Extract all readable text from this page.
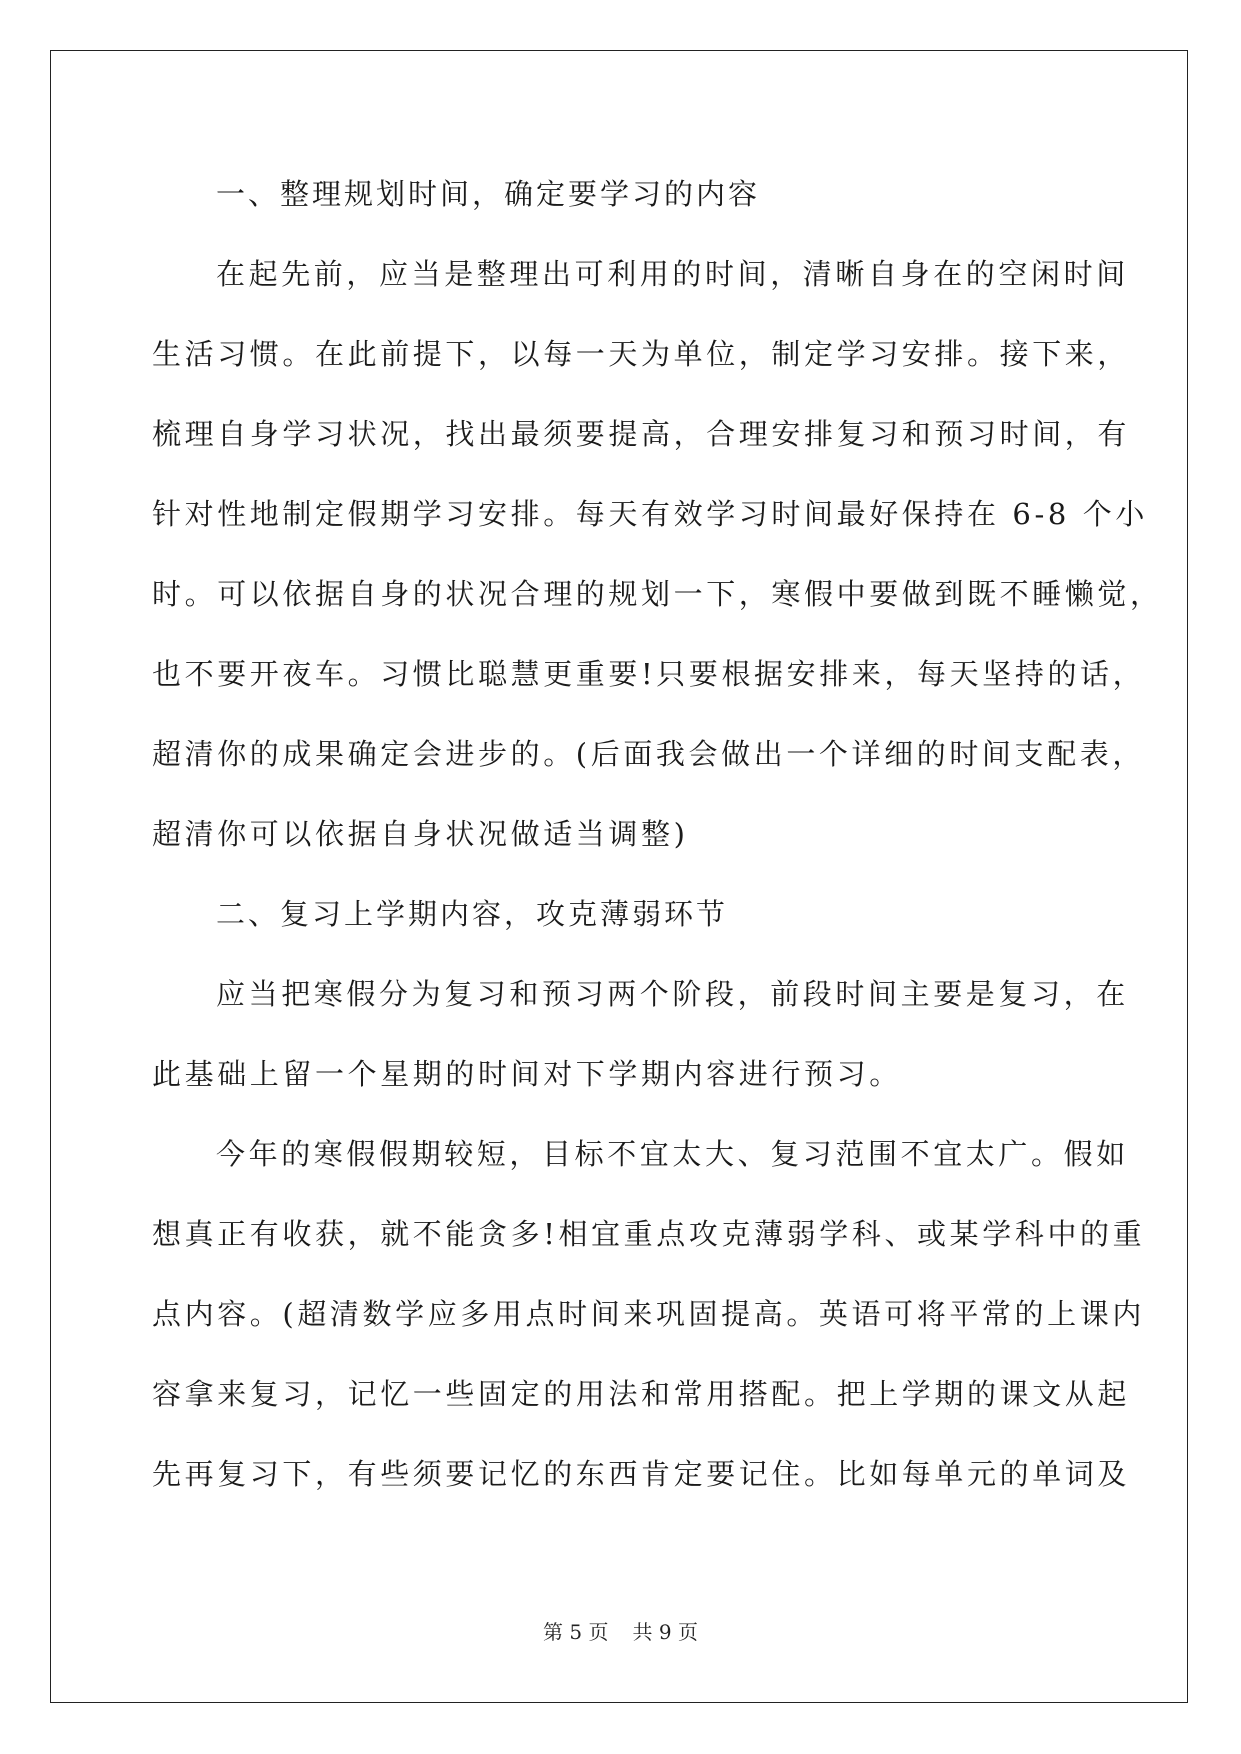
一、整理规划时间，确定要学习的内容
在起先前，应当是整理出可利用的时间，清晰自身在的空闲时间
生活习惯。在此前提下，以每一天为单位，制定学习安排。接下来，
梳理自身学习状况，找出最须要提高，合理安排复习和预习时间，有
针对性地制定假期学习安排。每天有效学习时间最好保持在 6-8 个小
时。可以依据自身的状况合理的规划一下，寒假中要做到既不睡懒觉，
也不要开夜车。习惯比聪慧更重要!只要根据安排来，每天坚持的话，
超清你的成果确定会进步的。(后面我会做出一个详细的时间支配表，
超清你可以依据自身状况做适当调整)
二、复习上学期内容，攻克薄弱环节
应当把寒假分为复习和预习两个阶段，前段时间主要是复习，在
此基础上留一个星期的时间对下学期内容进行预习。
今年的寒假假期较短，目标不宜太大、复习范围不宜太广。假如
想真正有收获，就不能贪多!相宜重点攻克薄弱学科、或某学科中的重
点内容。(超清数学应多用点时间来巩固提高。英语可将平常的上课内
容拿来复习，记忆一些固定的用法和常用搭配。把上学期的课文从起
先再复习下，有些须要记忆的东西肯定要记住。比如每单元的单词及
第 5 页 共 9 页
